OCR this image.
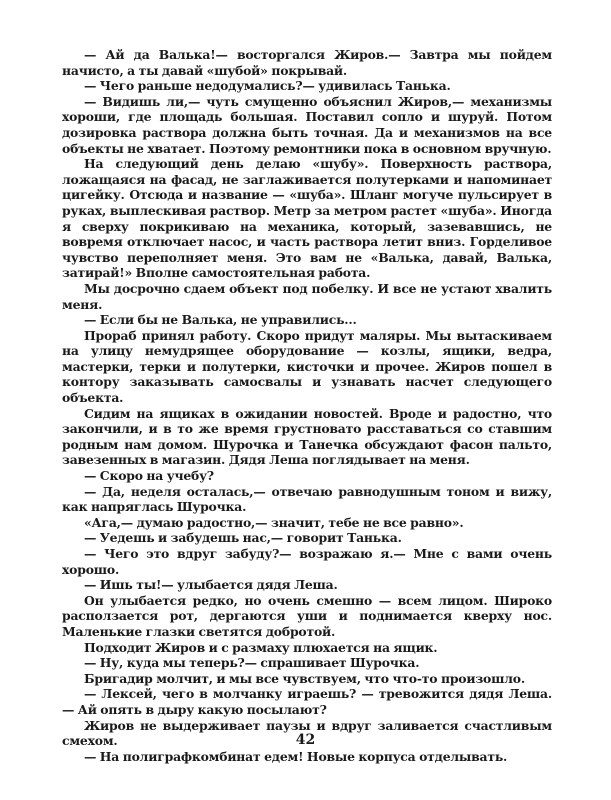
— Ай да Валька!— восторгался Жиров.— Завтра мы пойдем начисто, а ты давай «шубой» покрывай.

— Чего раньше недодумались?— удивилась Танька.

— Видишь ли,— чуть смущенно объяснил Жиров,— механизмы хороши, где площадь большая. Поставил сопло и шуруй. Потом дозировка раствора должна быть точная. Да и механизмов на все объекты не хватает. Поэтому ремонтники пока в основном вручную.

На следующий день делаю «шубу». Поверхность раствора, ложащаяся на фасад, не заглаживается полутерками и напоминает цигейку. Отсюда и название — «шуба». Шланг могуче пульсирует в руках, выплескивая раствор. Метр за метром растет «шуба». Иногда я сверху покрикиваю на механика, который, зазевавшись, не вовремя отключает насос, и часть раствора летит вниз. Горделивое чувство переполняет меня. Это вам не «Валька, давай, Валька, затирай!» Вполне самостоятельная работа.

Мы досрочно сдаем объект под побелку. И все не устают хвалить меня.

— Если бы не Валька, не управились...

Прораб принял работу. Скоро придут маляры. Мы вытаскиваем на улицу немудрящее оборудование — козлы, ящики, ведра, мастерки, терки и полутерки, кисточки и прочее. Жиров пошел в контору заказывать самосвалы и узнавать насчет следующего объекта.

Сидим на ящиках в ожидании новостей. Вроде и радостно, что закончили, и в то же время грустновато расставаться со ставшим родным нам домом. Шурочка и Танечка обсуждают фасон пальто, завезенных в магазин. Дядя Леша поглядывает на меня.

— Скоро на учебу?

— Да, неделя осталась,— отвечаю равнодушным тоном и вижу, как напряглась Шурочка.

«Ага,— думаю радостно,— значит, тебе не все равно».

— Уедешь и забудешь нас,— говорит Танька.

— Чего это вдруг забуду?— возражаю я.— Мне с вами очень хорошо.

— Ишь ты!— улыбается дядя Леша.

Он улыбается редко, но очень смешно — всем лицом. Широко расползается рот, дергаются уши и поднимается кверху нос. Маленькие глазки светятся добротой.

Подходит Жиров и с размаху плюхается на ящик.

— Ну, куда мы теперь?— спрашивает Шурочка.

Бригадир молчит, и мы все чувствуем, что что-то произошло.

— Лексей, чего в молчанку играешь? — тревожится дядя Леша. — Ай опять в дыру какую посылают?

Жиров не выдерживает паузы и вдруг заливается счастливым смехом.

— На полиграфкомбинат едем! Новые корпуса отделывать.

42
